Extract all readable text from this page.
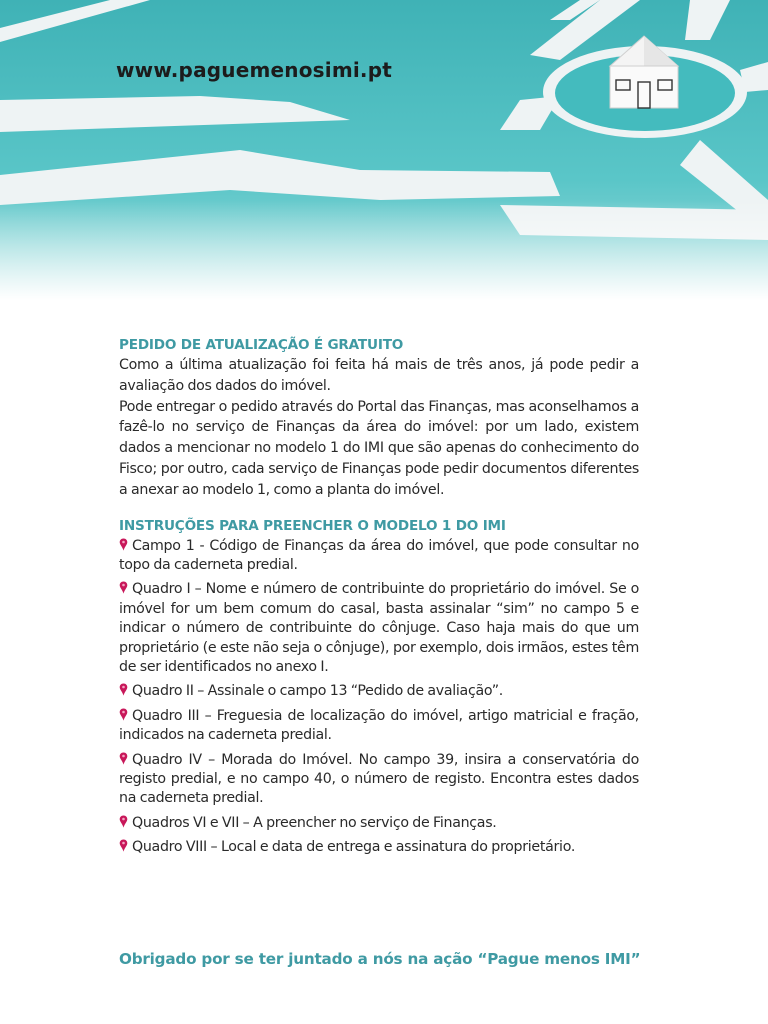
www.paguemenosimi.pt
PEDIDO DE ATUALIZAÇÃO É GRATUITO

Como a última atualização foi feita há mais de três anos, já pode pedir a avaliação dos dados do imóvel.

Pode entregar o pedido através do Portal das Finanças, mas aconselhamos a fazê-lo no serviço de Finanças da área do imóvel: por um lado, existem dados a mencionar no modelo 1 do IMI que são apenas do conhecimento do Fisco; por outro, cada serviço de Finanças pode pedir documentos diferentes a anexar ao modelo 1, como a planta do imóvel.

INSTRUÇÕES PARA PREENCHER O MODELO 1 DO IMI
Campo 1 - Código de Finanças da área do imóvel, que pode consultar no topo da caderneta predial.
Quadro I – Nome e número de contribuinte do proprietário do imóvel. Se o imóvel for um bem comum do casal, basta assinalar “sim” no campo 5 e indicar o número de contribuinte do cônjuge. Caso haja mais do que um proprietário (e este não seja o cônjuge), por exemplo, dois irmãos, estes têm de ser identificados no anexo I.
Quadro II – Assinale o campo 13 “Pedido de avaliação”.
Quadro III – Freguesia de localização do imóvel, artigo matricial e fração, indicados na caderneta predial.
Quadro IV – Morada do Imóvel. No campo 39, insira a conservatória do registo predial, e no campo 40, o número de registo. Encontra estes dados na caderneta predial.
Quadros VI e VII – A preencher no serviço de Finanças.
Quadro VIII – Local e data de entrega e assinatura do proprietário.
Obrigado por se ter juntado a nós na ação “Pague menos IMI”
